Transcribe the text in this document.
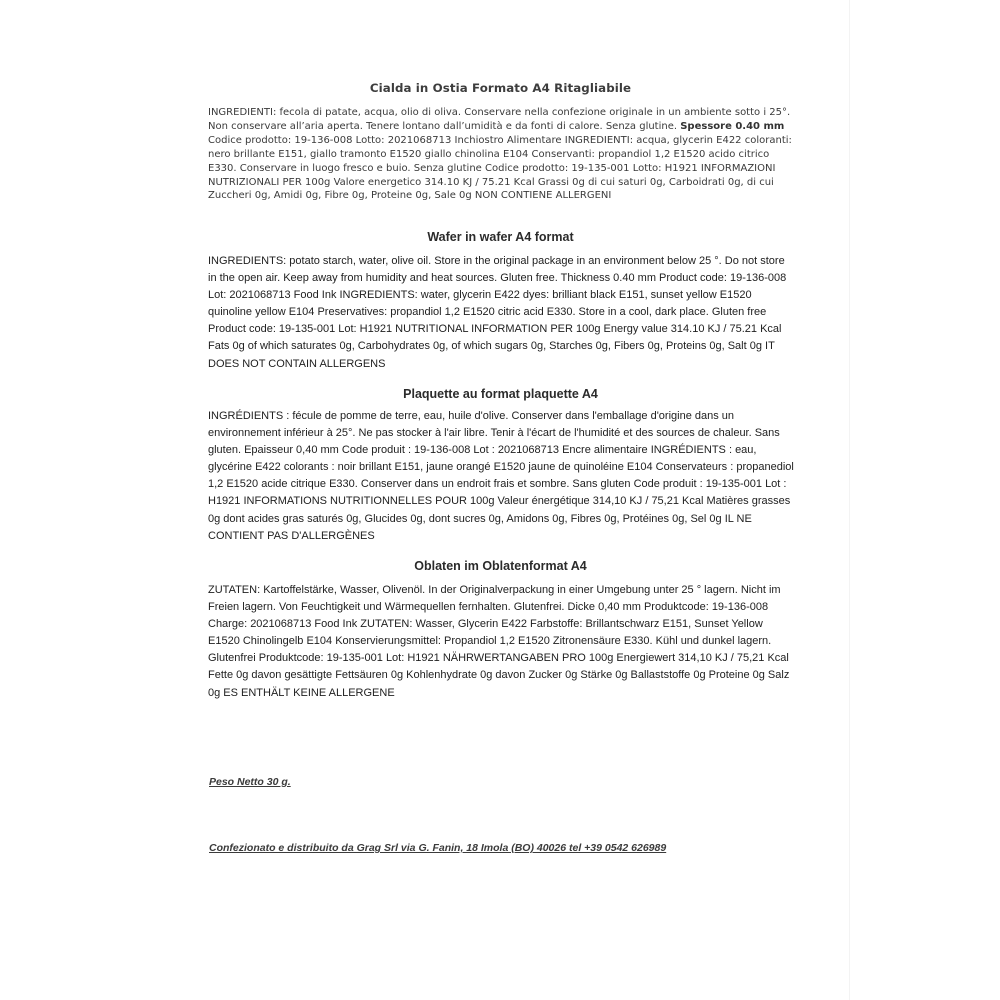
Cialda in Ostia Formato A4 Ritagliabile
INGREDIENTI: fecola di patate, acqua, olio di oliva. Conservare nella confezione originale in un ambiente sotto i 25°. Non conservare all’aria aperta. Tenere lontano dall’umidità e da fonti di calore. Senza glutine. Spessore 0.40 mm Codice prodotto: 19-136-008 Lotto: 2021068713 Inchiostro Alimentare INGREDIENTI: acqua, glycerin E422 coloranti: nero brillante E151, giallo tramonto E1520 giallo chinolina E104 Conservanti: propandiol 1,2 E1520 acido citrico E330. Conservare in luogo fresco e buio. Senza glutine Codice prodotto: 19-135-001 Lotto: H1921 INFORMAZIONI NUTRIZIONALI PER 100g Valore energetico 314.10 KJ / 75.21 Kcal Grassi 0g di cui saturi 0g, Carboidrati 0g, di cui Zuccheri 0g, Amidi 0g, Fibre 0g, Proteine 0g, Sale 0g NON CONTIENE ALLERGENI
Wafer in wafer A4 format
INGREDIENTS: potato starch, water, olive oil. Store in the original package in an environment below 25 °. Do not store in the open air. Keep away from humidity and heat sources. Gluten free. Thickness 0.40 mm Product code: 19-136-008 Lot: 2021068713 Food Ink INGREDIENTS: water, glycerin E422 dyes: brilliant black E151, sunset yellow E1520 quinoline yellow E104 Preservatives: propandiol 1,2 E1520 citric acid E330. Store in a cool, dark place. Gluten free Product code: 19-135-001 Lot: H1921 NUTRITIONAL INFORMATION PER 100g Energy value 314.10 KJ / 75.21 Kcal Fats 0g of which saturates 0g, Carbohydrates 0g, of which sugars 0g, Starches 0g, Fibers 0g, Proteins 0g, Salt 0g IT DOES NOT CONTAIN ALLERGENS
Plaquette au format plaquette A4
INGRÉDIENTS : fécule de pomme de terre, eau, huile d'olive. Conserver dans l'emballage d'origine dans un environnement inférieur à 25°. Ne pas stocker à l'air libre. Tenir à l'écart de l'humidité et des sources de chaleur. Sans gluten. Epaisseur 0,40 mm Code produit : 19-136-008 Lot : 2021068713 Encre alimentaire INGRÉDIENTS : eau, glycérine E422 colorants : noir brillant E151, jaune orangé E1520 jaune de quinoléine E104 Conservateurs : propanediol 1,2 E1520 acide citrique E330. Conserver dans un endroit frais et sombre. Sans gluten Code produit : 19-135-001 Lot : H1921 INFORMATIONS NUTRITIONNELLES POUR 100g Valeur énergétique 314,10 KJ / 75,21 Kcal Matières grasses 0g dont acides gras saturés 0g, Glucides 0g, dont sucres 0g, Amidons 0g, Fibres 0g, Protéines 0g, Sel 0g IL NE CONTIENT PAS D'ALLERGÈNES
Oblaten im Oblatenformat A4
ZUTATEN: Kartoffelstärke, Wasser, Olivenöl. In der Originalverpackung in einer Umgebung unter 25 ° lagern. Nicht im Freien lagern. Von Feuchtigkeit und Wärmequellen fernhalten. Glutenfrei. Dicke 0,40 mm Produktcode: 19-136-008 Charge: 2021068713 Food Ink ZUTATEN: Wasser, Glycerin E422 Farbstoffe: Brillantschwarz E151, Sunset Yellow E1520 Chinolingelb E104 Konservierungsmittel: Propandiol 1,2 E1520 Zitronensäure E330. Kühl und dunkel lagern. Glutenfrei Produktcode: 19-135-001 Lot: H1921 NÄHRWERTANGABEN PRO 100g Energiewert 314,10 KJ / 75,21 Kcal Fette 0g davon gesättigte Fettsäuren 0g Kohlenhydrate 0g davon Zucker 0g Stärke 0g Ballaststoffe 0g Proteine 0g Salz 0g ES ENTHÄLT KEINE ALLERGENE
Peso Netto 30 g.
Confezionato e distribuito da Grag Srl via G. Fanin, 18 Imola (BO) 40026 tel +39 0542 626989
